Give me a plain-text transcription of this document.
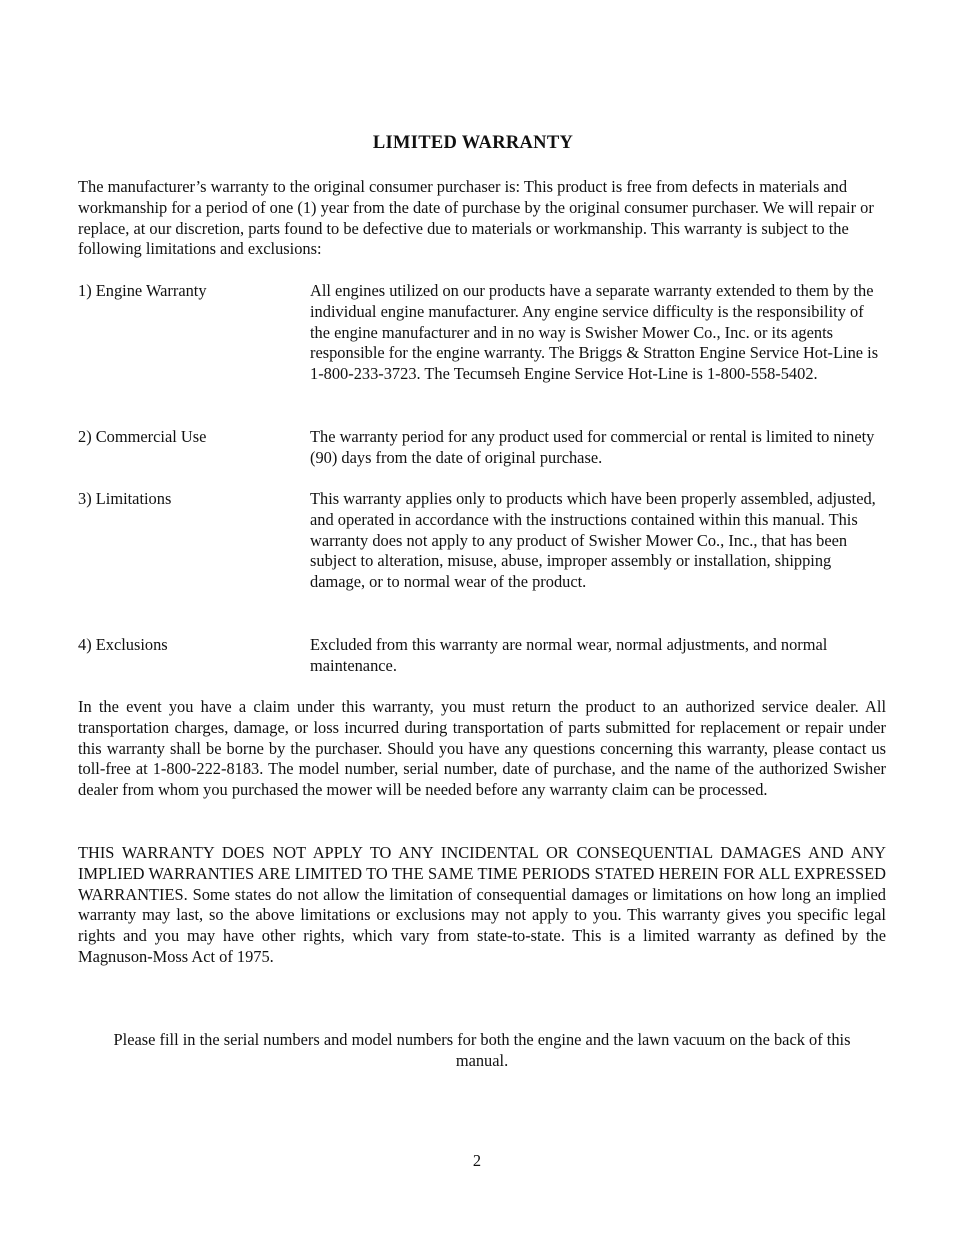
LIMITED WARRANTY

The manufacturer’s warranty to the original consumer purchaser is: This product is free from defects in materials and workmanship for a period of one (1) year from the date of purchase by the original consumer purchaser. We will repair or replace, at our discretion, parts found to be defective due to materials or workmanship. This warranty is subject to the following limitations and exclusions:

1) Engine Warranty	All engines utilized on our products have a separate warranty extended to them by the individual engine manufacturer. Any engine service difficulty is the responsibility of the engine manufacturer and in no way is Swisher Mower Co., Inc. or its agents responsible for the engine warranty. The Briggs & Stratton Engine Service Hot-Line is 1-800-233-3723. The Tecumseh Engine Service Hot-Line is 1-800-558-5402.
2) Commercial Use	The warranty period for any product used for commercial or rental is limited to ninety (90) days from the date of original purchase.
3) Limitations	This warranty applies only to products which have been properly assembled, adjusted, and operated in accordance with the instructions contained within this manual. This warranty does not apply to any product of Swisher Mower Co., Inc., that has been subject to alteration, misuse, abuse, improper assembly or installation, shipping damage, or to normal wear of the product.
4) Exclusions	Excluded from this warranty are normal wear, normal adjustments, and normal maintenance.

In the event you have a claim under this warranty, you must return the product to an authorized service dealer. All transportation charges, damage, or loss incurred during transportation of parts submitted for replacement or repair under this warranty shall be borne by the purchaser. Should you have any questions concerning this warranty, please contact us toll-free at 1-800-222-8183. The model number, serial number, date of purchase, and the name of the authorized Swisher dealer from whom you purchased the mower will be needed before any warranty claim can be processed.

THIS WARRANTY DOES NOT APPLY TO ANY INCIDENTAL OR CONSEQUENTIAL DAMAGES AND ANY IMPLIED WARRANTIES ARE LIMITED TO THE SAME TIME PERIODS STATED HEREIN FOR ALL EXPRESSED WARRANTIES. Some states do not allow the limitation of consequential damages or limitations on how long an implied warranty may last, so the above limitations or exclusions may not apply to you. This warranty gives you specific legal rights and you may have other rights, which vary from state-to-state. This is a limited warranty as defined by the Magnuson-Moss Act of 1975.

Please fill in the serial numbers and model numbers for both the engine and the lawn vacuum on the back of this manual.
2
